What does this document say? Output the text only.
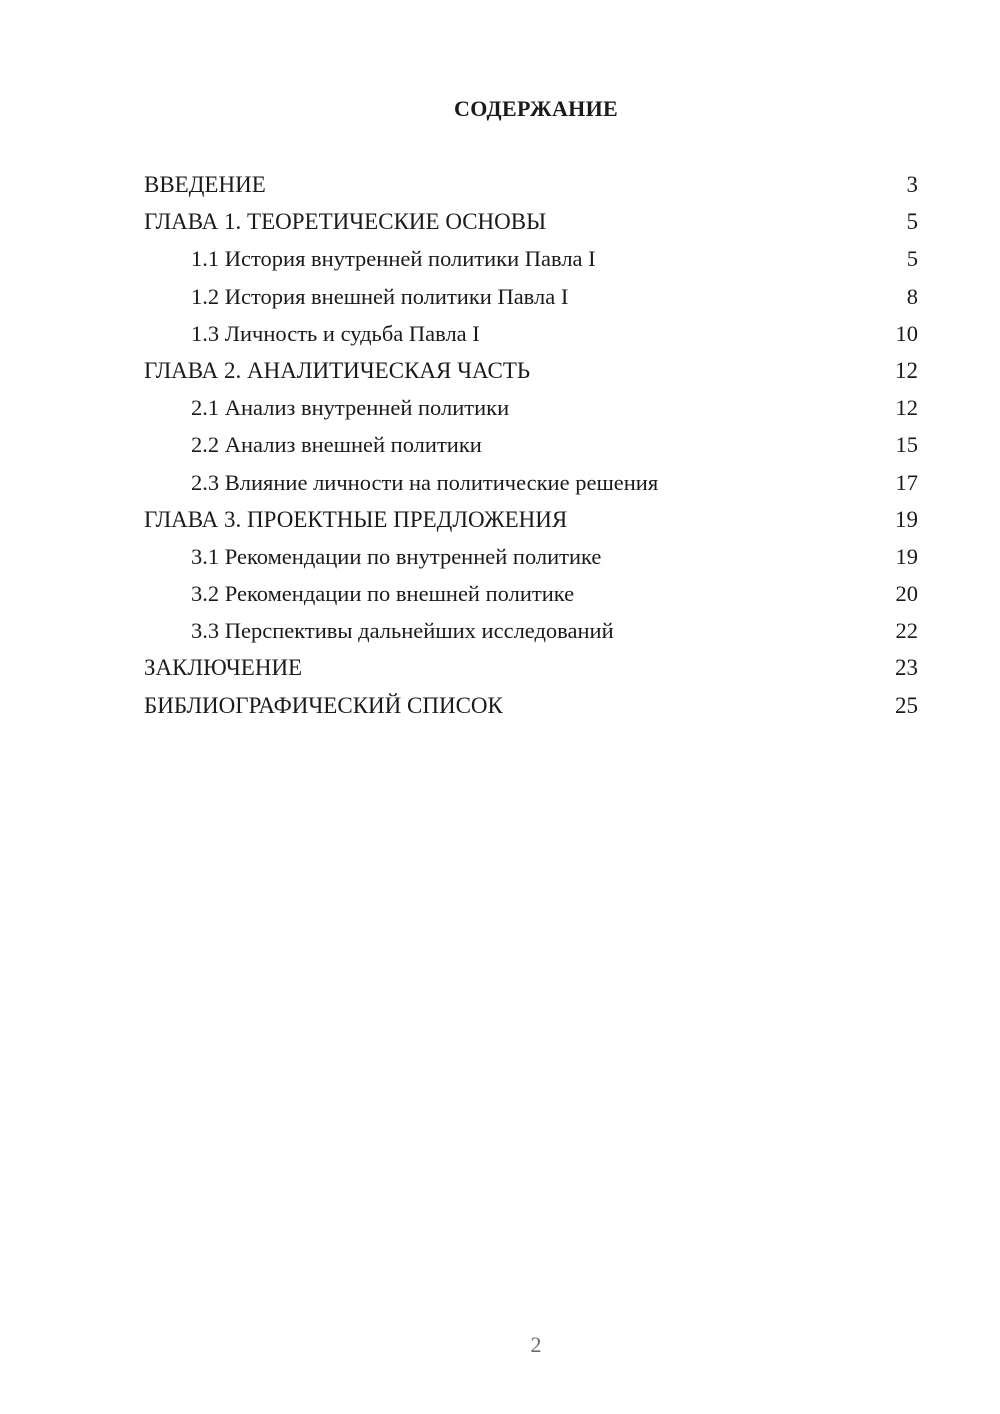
СОДЕРЖАНИЕ
ВВЕДЕНИЕ	3
ГЛАВА 1. ТЕОРЕТИЧЕСКИЕ ОСНОВЫ	5
1.1 История внутренней политики Павла I	5
1.2 История внешней политики Павла I	8
1.3 Личность и судьба Павла I	10
ГЛАВА 2. АНАЛИТИЧЕСКАЯ ЧАСТЬ	12
2.1 Анализ внутренней политики	12
2.2 Анализ внешней политики	15
2.3 Влияние личности на политические решения	17
ГЛАВА 3. ПРОЕКТНЫЕ ПРЕДЛОЖЕНИЯ	19
3.1 Рекомендации по внутренней политике	19
3.2 Рекомендации по внешней политике	20
3.3 Перспективы дальнейших исследований	22
ЗАКЛЮЧЕНИЕ	23
БИБЛИОГРАФИЧЕСКИЙ СПИСОК	25
2
